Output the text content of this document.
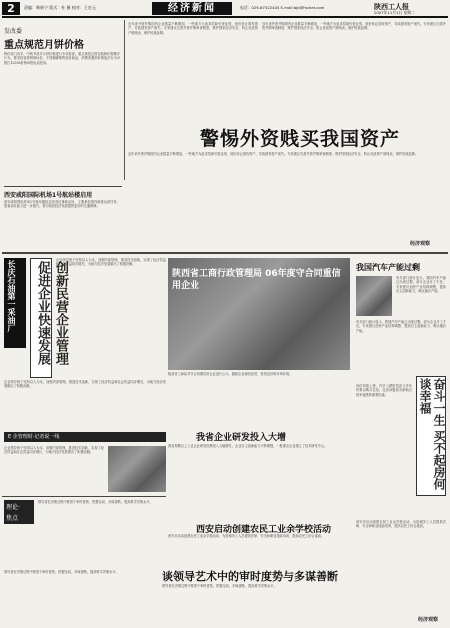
2	责编：韩新宁 版式：杜 薇 校对：王宏元	经济新闻	电话：029-87522445 E-mail:bjb@hsinet.com	陕西工人报
2007年11月1日 星期二
发改委
重点规范月饼价格
物价部门出手，中秋节前对月饼价格进行专项检查，重点规范过度包装和价格欺诈行为，要求经营者明码标价，不得捆绑销售高价商品，消费者遇到价格违法行为可拨打12358价格举报电话投诉。
近年来外资并购国内企业数量不断增加，一些地方为追求招商引资业绩，低价转让国有资产，导致国有资产流失。专家建议完善外资并购审查制度，维护国家经济安全，防止优质资产被贱卖，保护民族品牌。
近年来外资并购国内企业数量不断增加，一些地方为追求招商引资业绩，低价转让国有资产，导致国有资产流失。专家建议完善外资并购审查制度，维护国家经济安全，防止优质资产被贱卖，保护民族品牌。
警惕外资贱买我国资产
近年来外资并购国内企业数量不断增加，一些地方为追求招商引资业绩，低价转让国有资产，导致国有资产流失。专家建议完善外资并购审查制度，维护国家经济安全，防止优质资产被贱卖，保护民族品牌。
经济观察
西安咸阳国际机场1号航站楼启用
西安咸阳国际机场1号航站楼经过改造后重新启用，主要承担国内航班运营任务，旅客吞吐能力进一步提升，将为陕西经济发展提供更好的交通保障。
创新民营企业管理 促进企业快速发展
长庆石油第一采油厂	企业领导班子坚持以人为本，加强内部管理，推进技术创新，实现了经济效益和社会效益同步增长，为地方经济发展做出了积极贡献。
企业领导班子坚持以人为本，加强内部管理，推进技术创新，实现了经济效益和社会效益同步增长，为地方经济发展做出了积极贡献。
陕西省工商行政管理局 06年度守合同重信用企业
陕西省工商局对守合同重信用企业进行公示，激励企业诚信经营，营造良好的市场环境。
我国汽车产能过剩
有关部门统计显示，我国汽车产能已出现过剩，部分企业开工不足，专家建议加快产业结构调整，提高自主创新能力，淘汰落后产能。
有关部门统计显示，我国汽车产能已出现过剩，部分企业开工不足，专家建议加快产业结构调整，提高自主创新能力，淘汰落后产能。
奋斗一生 买不起房何谈幸福
房价持续上涨，许多工薪阶层奋斗多年仍难以购买住房，住房问题成为影响百姓幸福感的重要因素。
我省企业研发投入大增
我省规模以上工业企业研发经费投入大幅增长，企业自主创新能力不断增强，一批重点企业建立了技术研发中心。
E 企管理时·记者说一线
企业领导班子坚持以人为本，加强内部管理，推进技术创新，实现了经济效益和社会效益同步增长，为地方经济发展做出了积极贡献。
西安启动创建农民工业余学校活动
西安市启动创建农民工业余学校活动，为进城务工人员提供法律、安全和职业技能培训，提高农民工综合素质。
西安市启动创建农民工业余学校活动，为进城务工人员提供法律、安全和职业技能培训，提高农民工综合素质。
理论·
焦点
领导者在决策过程中要善于审时度势，把握全局，多谋善断，提高科学决策水平。
谈领导艺术中的审时度势与多谋善断
领导者在决策过程中要善于审时度势，把握全局，多谋善断，提高科学决策水平。
领导者在决策过程中要善于审时度势，把握全局，多谋善断，提高科学决策水平。
经济观察
